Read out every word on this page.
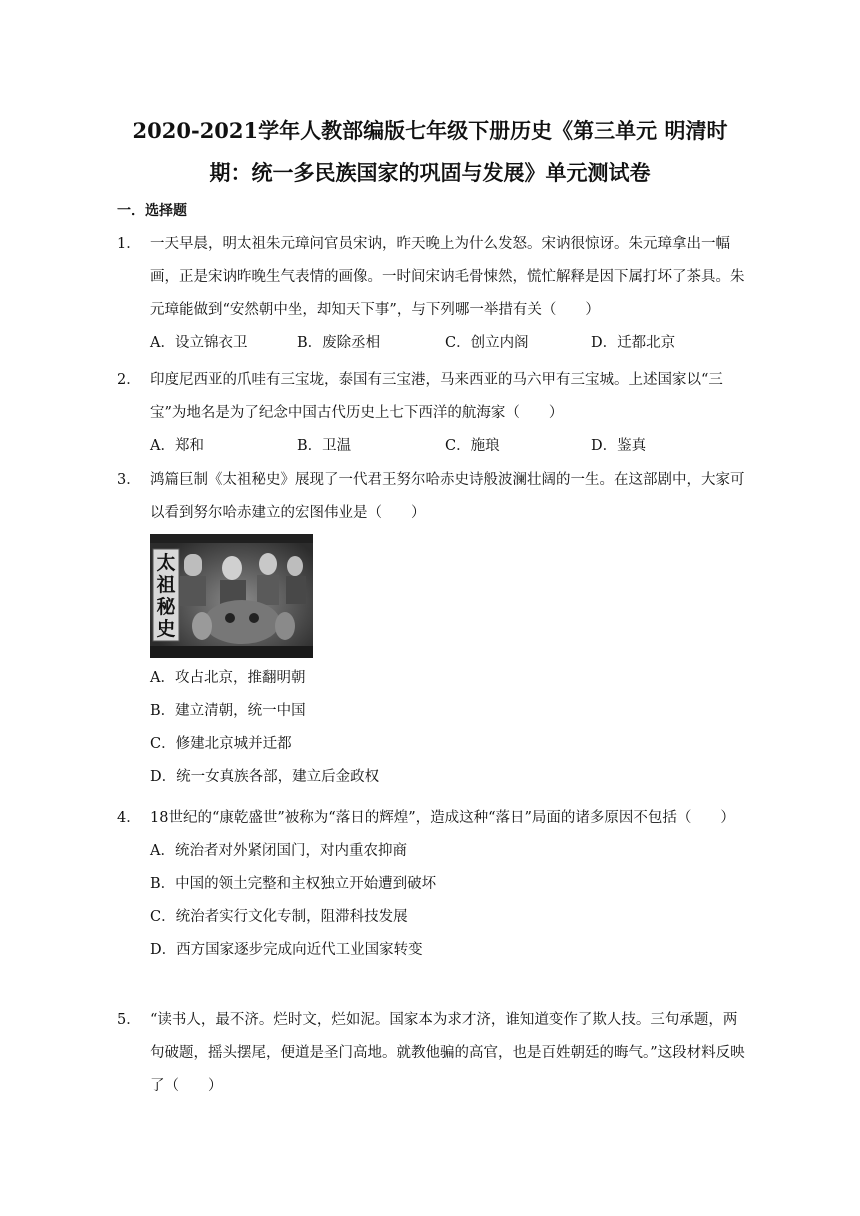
2020-2021学年人教部编版七年级下册历史《第三单元 明清时
期：统一多民族国家的巩固与发展》单元测试卷
一．选择题
1． 一天早晨，明太祖朱元璋问官员宋讷，昨天晚上为什么发怒。宋讷很惊讶。朱元璋拿出一幅画，正是宋讷昨晚生气表情的画像。一时间宋讷毛骨悚然，慌忙解释是因下属打坏了茶具。朱元璋能做到“安然朝中坐，却知天下事”，与下列哪一举措有关（　　）
A．设立锦衣卫	B．废除丞相	C．创立内阁	D．迁都北京
2． 印度尼西亚的爪哇有三宝垅，泰国有三宝港，马来西亚的马六甲有三宝城。上述国家以“三宝”为地名是为了纪念中国古代历史上七下西洋的航海家（　　）
A．郑和	B．卫温	C．施琅	D．鉴真
3． 鸿篇巨制《太祖秘史》展现了一代君王努尔哈赤史诗般波澜壮阔的一生。在这部剧中，大家可以看到努尔哈赤建立的宏图伟业是（　　）
太祖秘史
A．攻占北京，推翻明朝
B．建立清朝，统一中国
C．修建北京城并迁都
D．统一女真族各部，建立后金政权
4． 18世纪的“康乾盛世”被称为“落日的辉煌”，造成这种“落日”局面的诸多原因不包括（　　）
A．统治者对外紧闭国门，对内重农抑商
B．中国的领土完整和主权独立开始遭到破坏
C．统治者实行文化专制，阻滞科技发展
D．西方国家逐步完成向近代工业国家转变
5． “读书人，最不济。烂时文，烂如泥。国家本为求才济，谁知道变作了欺人技。三句承题，两句破题，摇头摆尾，便道是圣门高地。就教他骗的高官，也是百姓朝廷的晦气。”这段材料反映了（　　）
